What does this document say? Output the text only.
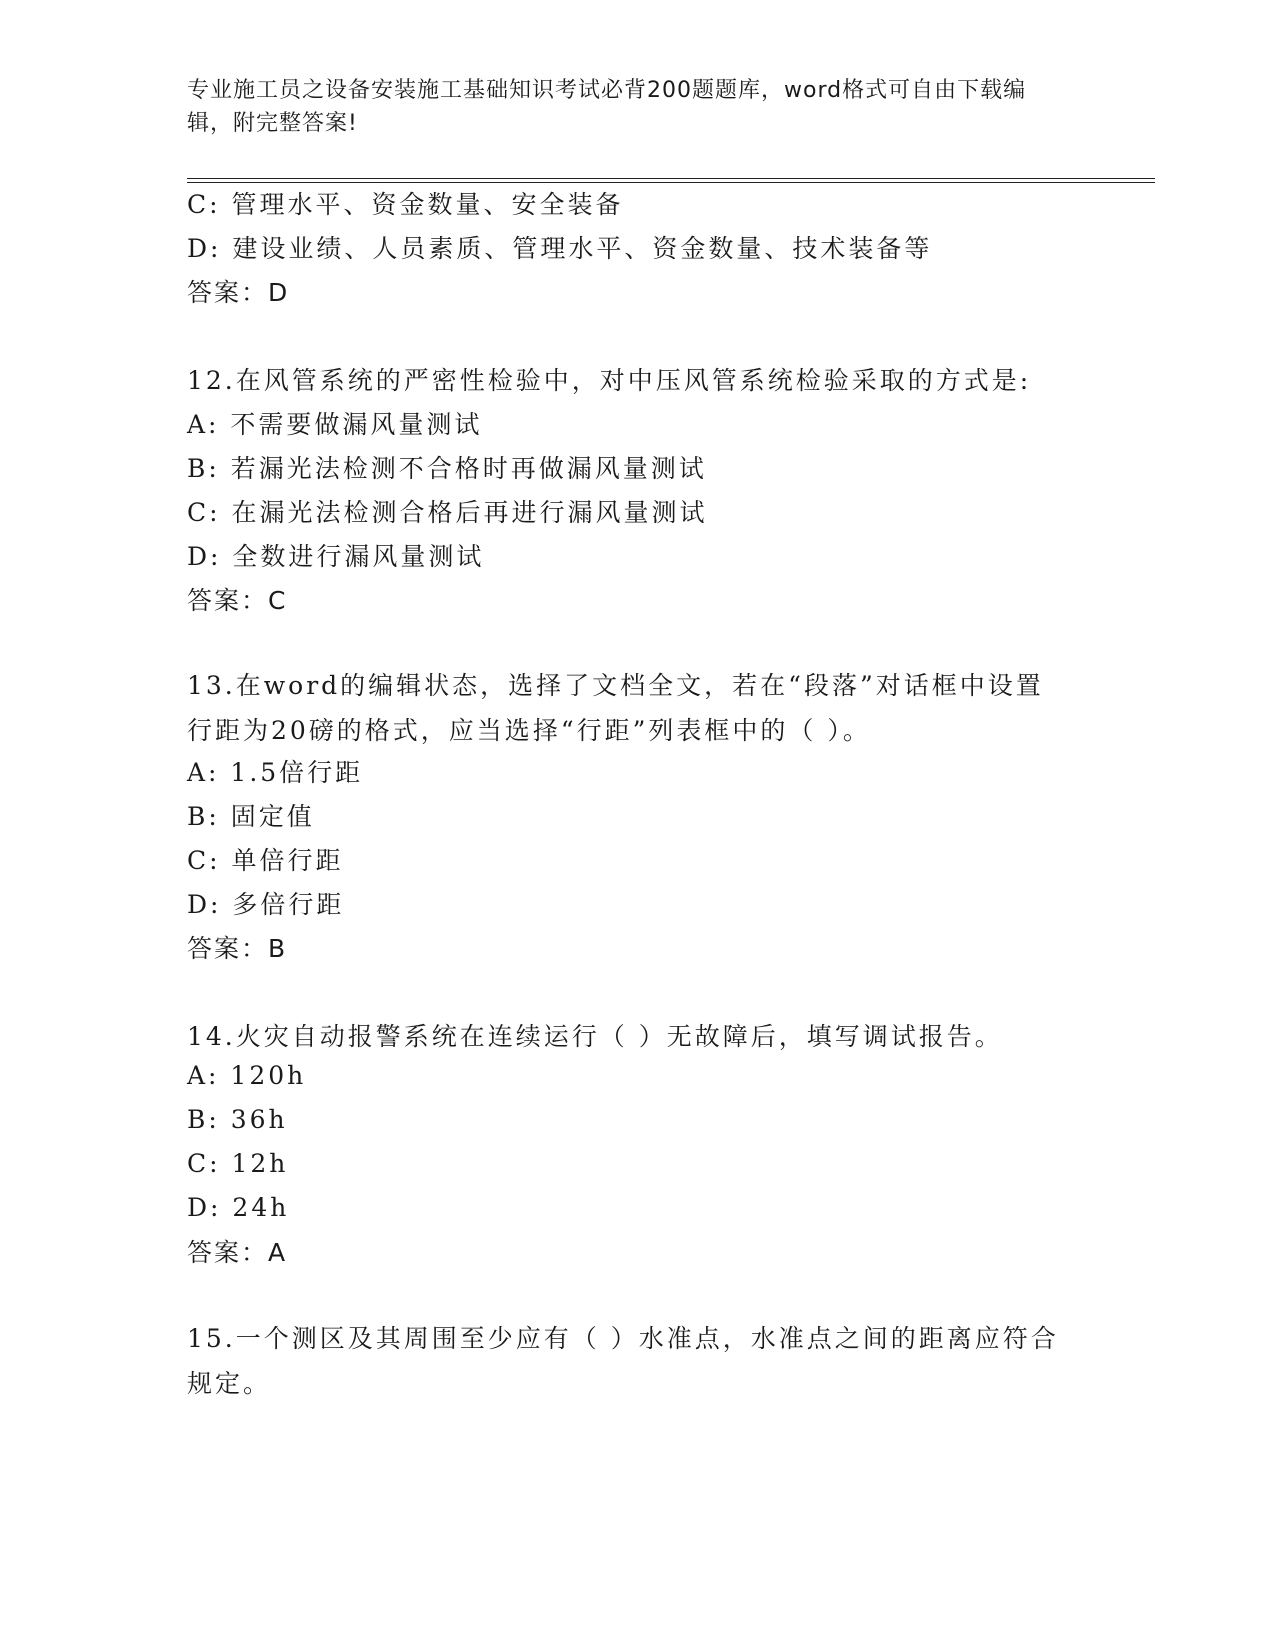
专业施工员之设备安装施工基础知识考试必背200题题库，word格式可自由下载编辑，附完整答案!
C: 管理水平、资金数量、安全装备
D: 建设业绩、人员素质、管理水平、资金数量、技术装备等
答案：D
12.在风管系统的严密性检验中，对中压风管系统检验采取的方式是:
A: 不需要做漏风量测试
B: 若漏光法检测不合格时再做漏风量测试
C: 在漏光法检测合格后再进行漏风量测试
D: 全数进行漏风量测试
答案：C
13.在word的编辑状态，选择了文档全文，若在“段落”对话框中设置行距为20磅的格式，应当选择“行距”列表框中的（ ）。
A: 1.5倍行距
B: 固定值
C: 单倍行距
D: 多倍行距
答案：B
14.火灾自动报警系统在连续运行（ ）无故障后，填写调试报告。
A: 120h
B: 36h
C: 12h
D: 24h
答案：A
15.一个测区及其周围至少应有（ ）水准点，水准点之间的距离应符合规定。
